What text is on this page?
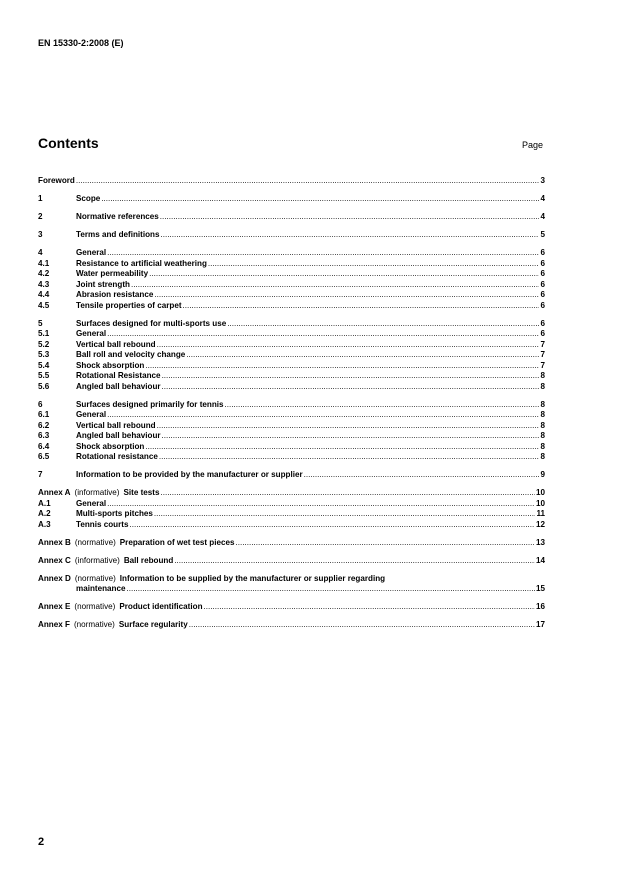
EN 15330-2:2008 (E)
Contents	Page
Foreword .....	3
1	Scope .....	4
2	Normative references .....	4
3	Terms and definitions .....	5
4	General .....	6
4.1	Resistance to artificial weathering .....	6
4.2	Water permeability .....	6
4.3	Joint strength .....	6
4.4	Abrasion resistance .....	6
4.5	Tensile properties of carpet .....	6
5	Surfaces designed for multi-sports use .....	6
5.1	General .....	6
5.2	Vertical ball rebound .....	7
5.3	Ball roll and velocity change .....	7
5.4	Shock absorption .....	7
5.5	Rotational Resistance .....	8
5.6	Angled ball behaviour .....	8
6	Surfaces designed primarily for tennis .....	8
6.1	General .....	8
6.2	Vertical ball rebound .....	8
6.3	Angled ball behaviour .....	8
6.4	Shock absorption .....	8
6.5	Rotational resistance .....	8
7	Information to be provided by the manufacturer or supplier .....	9
Annex A (informative) Site tests .....	10
A.1	General .....	10
A.2	Multi-sports pitches .....	11
A.3	Tennis courts .....	12
Annex B (normative) Preparation of wet test pieces .....	13
Annex C (informative) Ball rebound .....	14
Annex D (normative) Information to be supplied by the manufacturer or supplier regarding
maintenance .....	15
Annex E (normative) Product identification .....	16
Annex F (normative) Surface regularity .....	17
2
